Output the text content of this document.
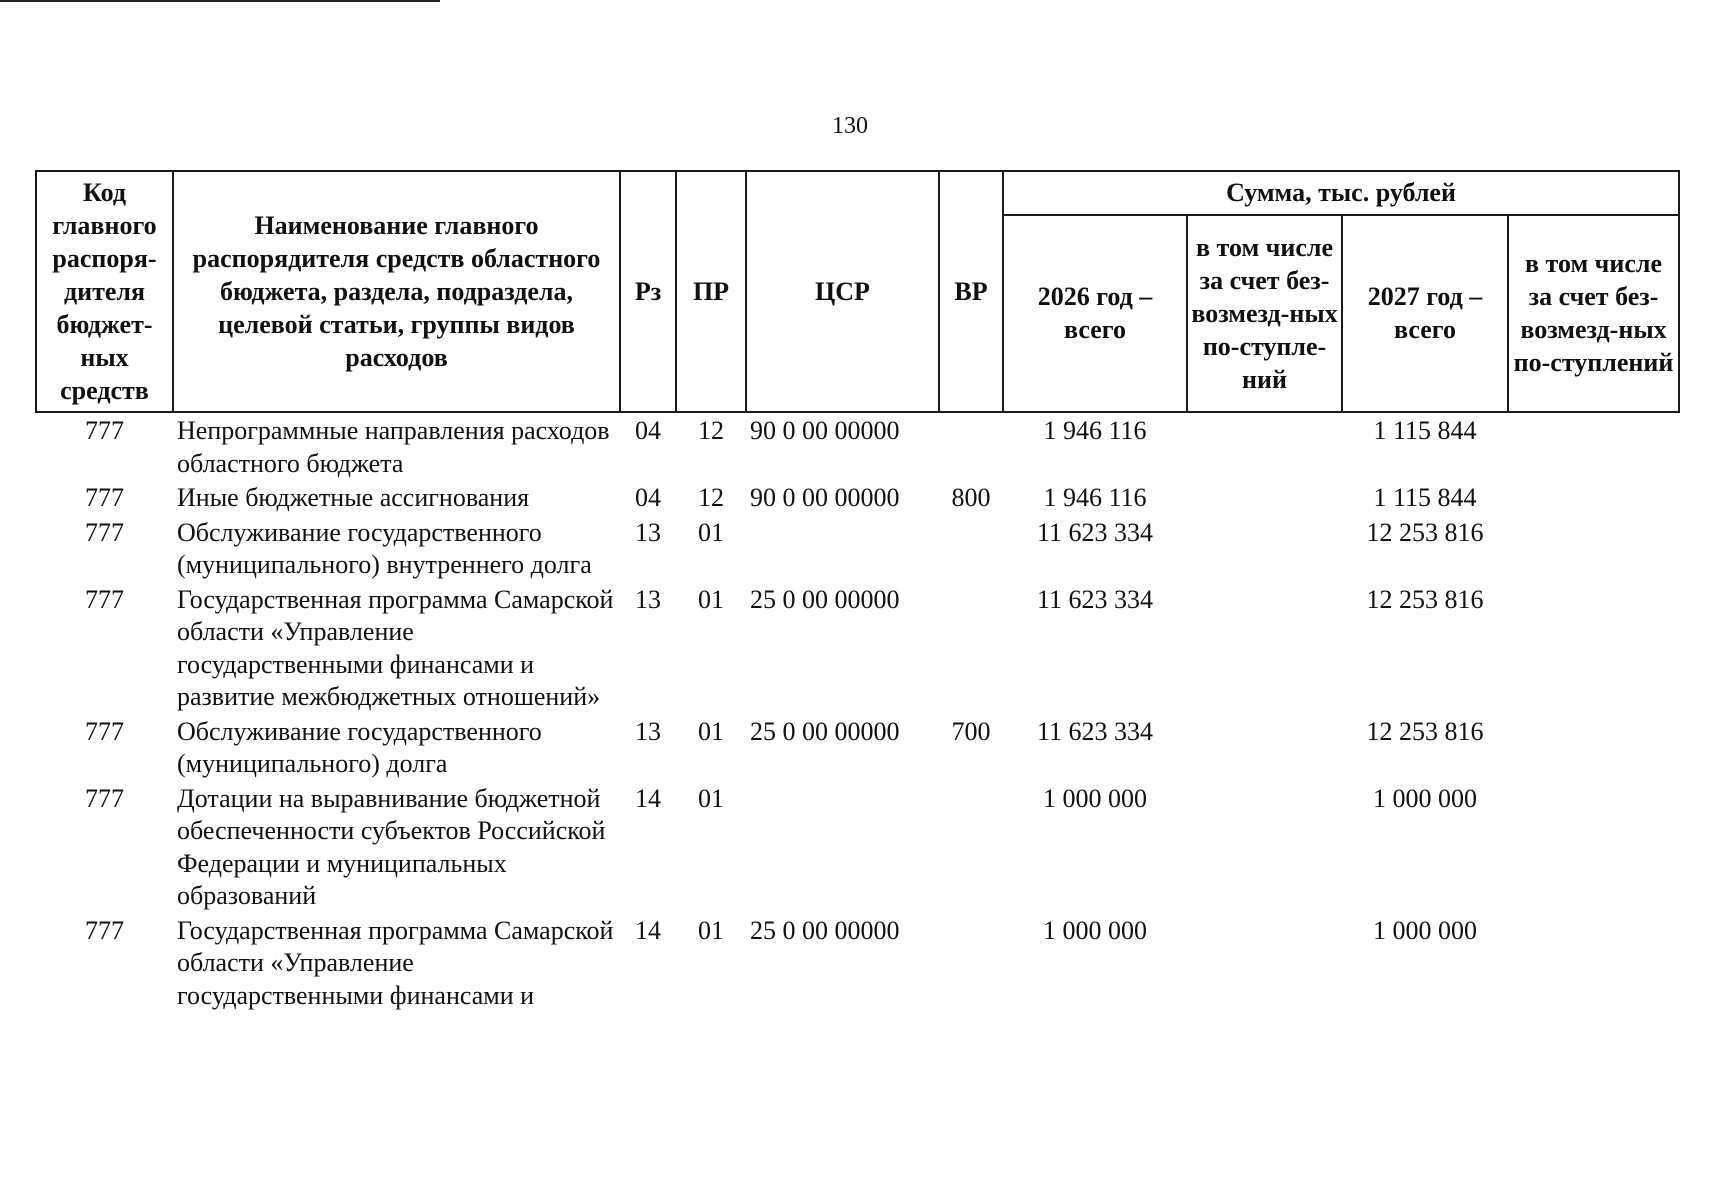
130
Код главного распоря-дителя бюджет-ных средств	Наименование главного распорядителя средств областного бюджета, раздела, подраздела, целевой статьи, группы видов расходов	Рз	ПР	ЦСР	ВР	Сумма, тыс. рублей			
						2026 год – всего	в том числе за счет без-возмезд-ных по-ступле-ний	2027 год – всего	в том числе за счет без-возмезд-ных по-ступлений
777	Непрограммные направления расходов областного бюджета	04	12	90 0 00 00000		1 946 116		1 115 844	
777	Иные бюджетные ассигнования	04	12	90 0 00 00000	800	1 946 116		1 115 844	
777	Обслуживание государственного (муниципального) внутреннего долга	13	01			11 623 334		12 253 816	
777	Государственная программа Самарской области «Управление государственными финансами и развитие межбюджетных отношений»	13	01	25 0 00 00000		11 623 334		12 253 816	
777	Обслуживание государственного (муниципального) долга	13	01	25 0 00 00000	700	11 623 334		12 253 816	
777	Дотации на выравнивание бюджетной обеспеченности субъектов Российской Федерации и муниципальных образований	14	01			1 000 000		1 000 000	
777	Государственная программа Самарской области «Управление государственными финансами и	14	01	25 0 00 00000		1 000 000		1 000 000	
